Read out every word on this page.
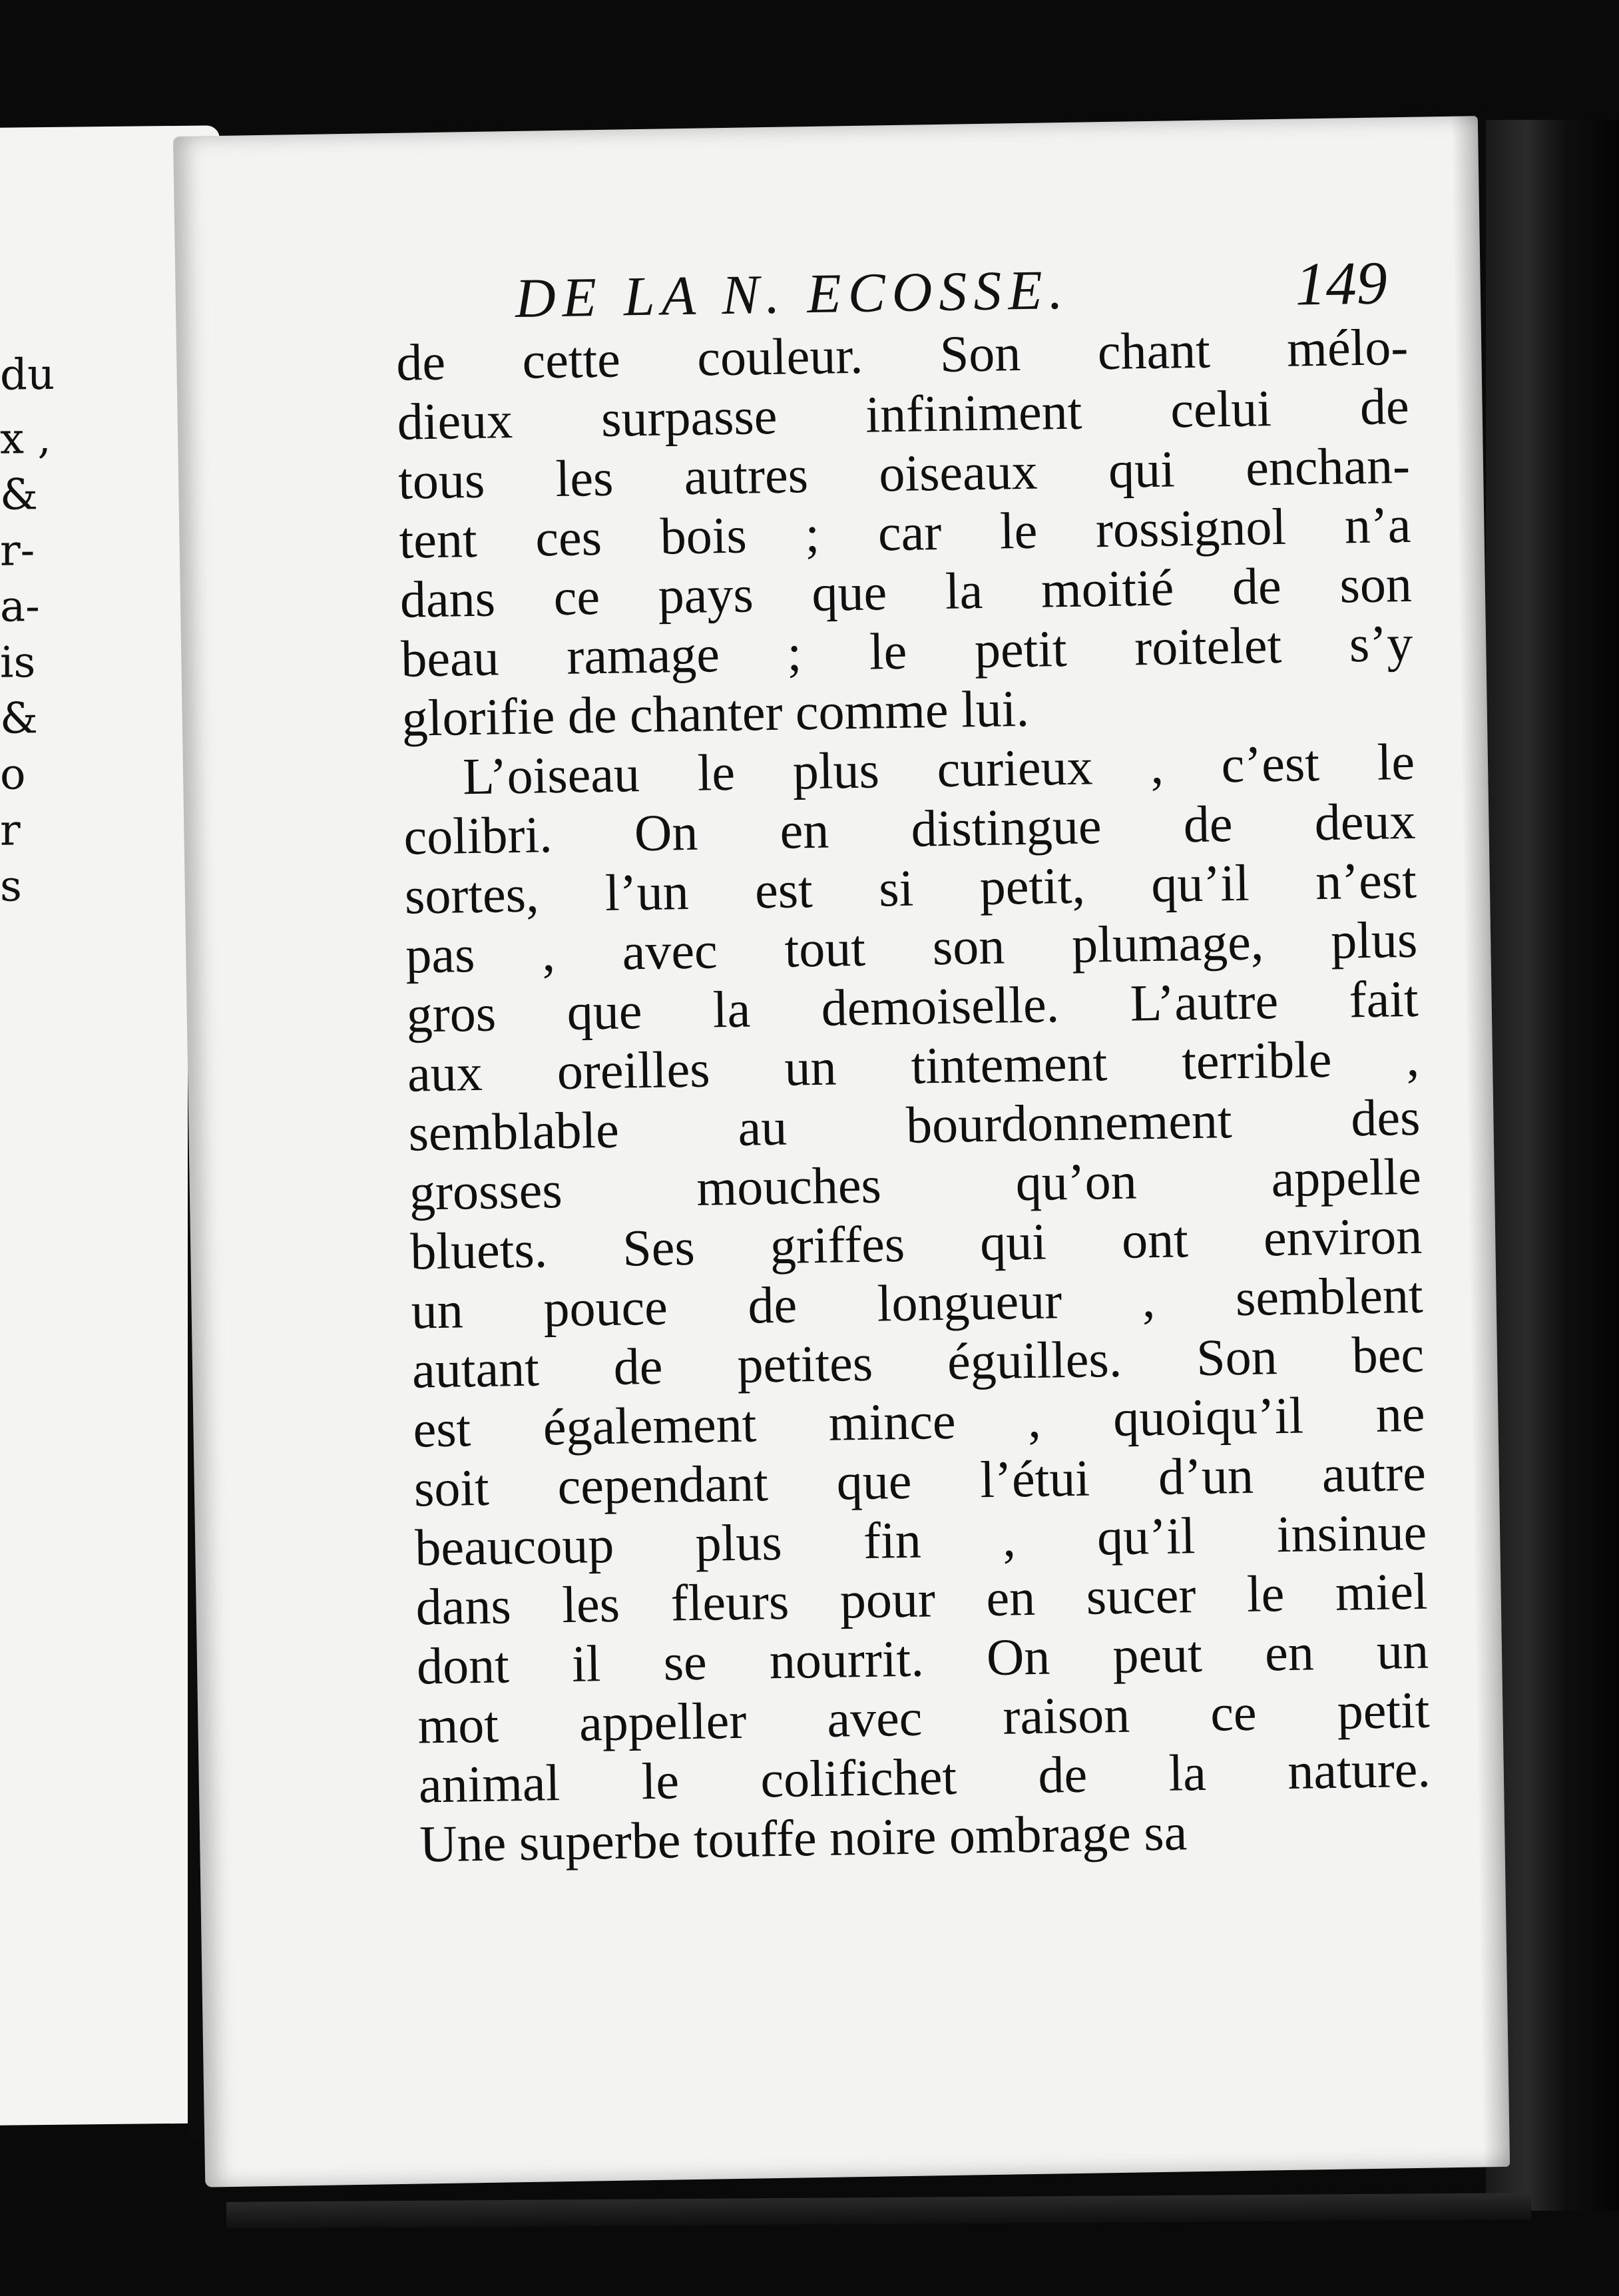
du
x ,
&
r-
a-
is
&
o
r
s
DE LA N. ECOSSE.	149
de cette couleur. Son chant mélo-
dieux surpasse infiniment celui de
tous les autres oiseaux qui enchan-
tent ces bois ; car le rossignol n’a
dans ce pays que la moitié de son
beau ramage ; le petit roitelet s’y
glorifie de chanter comme lui.
L’oiseau le plus curieux , c’est le
colibri. On en distingue de deux
sortes, l’un est si petit, qu’il n’est
pas , avec tout son plumage, plus
gros que la demoiselle. L’autre fait
aux oreilles un tintement terrible ,
semblable au bourdonnement des
grosses mouches qu’on appelle
bluets. Ses griffes qui ont environ
un pouce de longueur , semblent
autant de petites éguilles. Son bec
est également mince , quoiqu’il ne
soit cependant que l’étui d’un autre
beaucoup plus fin , qu’il insinue
dans les fleurs pour en sucer le miel
dont il se nourrit. On peut en un
mot appeller avec raison ce petit
animal le colifichet de la nature.
Une superbe touffe noire ombrage sa
